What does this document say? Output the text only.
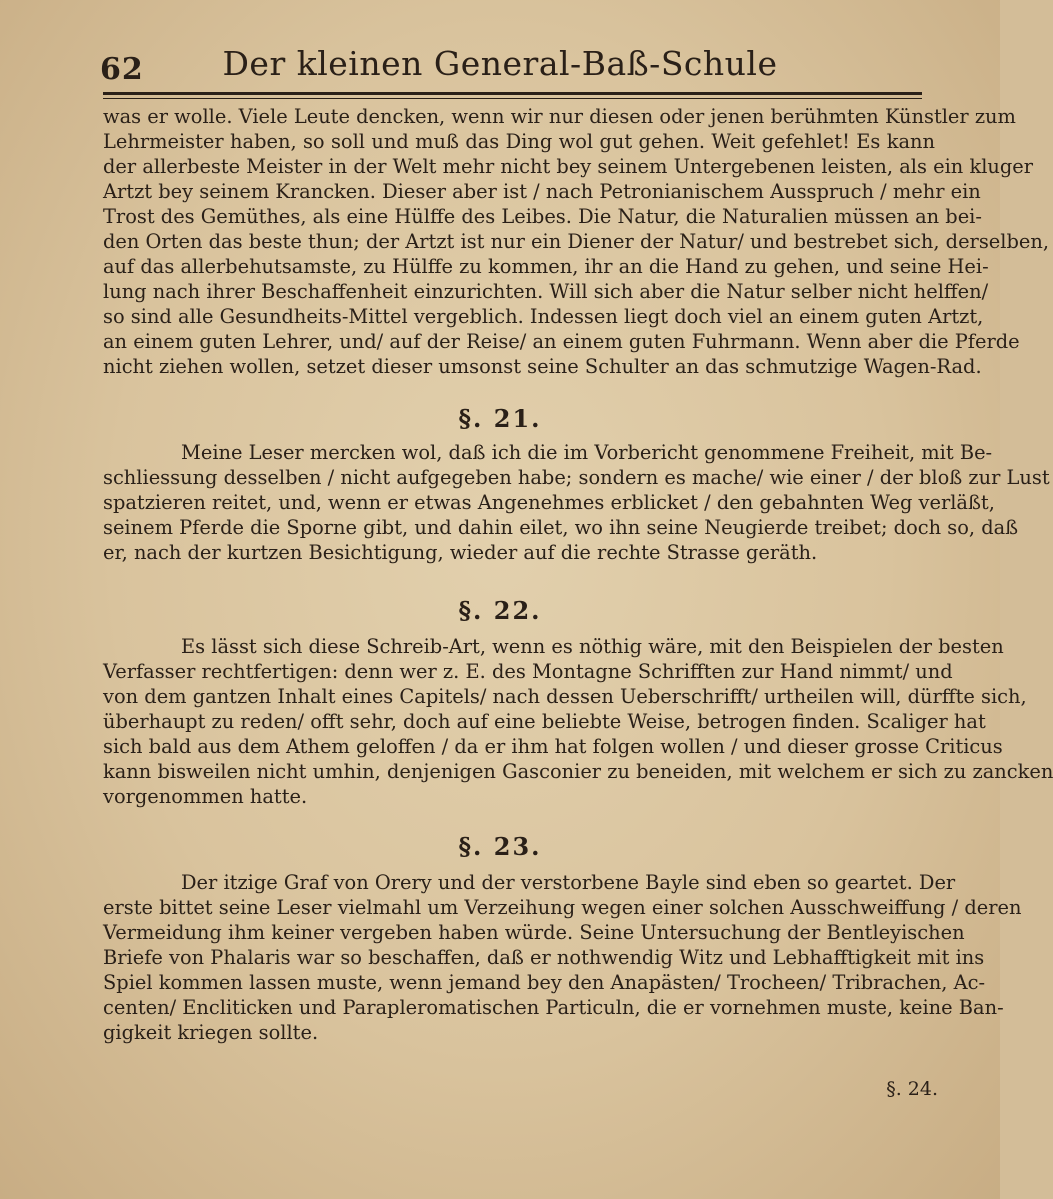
62	Der kleinen General-Baß-Schule
was er wolle. Viele Leute dencken, wenn wir nur diesen oder jenen berühmten Künstler zum
Lehrmeister haben, so soll und muß das Ding wol gut gehen. Weit gefehlet! Es kann
der allerbeste Meister in der Welt mehr nicht bey seinem Untergebenen leisten, als ein kluger
Artzt bey seinem Krancken. Dieser aber ist / nach Petronianischem Ausspruch / mehr ein
Trost des Gemüthes, als eine Hülffe des Leibes. Die Natur, die Naturalien müssen an bei-
den Orten das beste thun; der Artzt ist nur ein Diener der Natur/ und bestrebet sich, derselben,
auf das allerbehutsamste, zu Hülffe zu kommen, ihr an die Hand zu gehen, und seine Hei-
lung nach ihrer Beschaffenheit einzurichten. Will sich aber die Natur selber nicht helffen/
so sind alle Gesundheits-Mittel vergeblich. Indessen liegt doch viel an einem guten Artzt,
an einem guten Lehrer, und/ auf der Reise/ an einem guten Fuhrmann. Wenn aber die Pferde
nicht ziehen wollen, setzet dieser umsonst seine Schulter an das schmutzige Wagen-Rad.
§. 21.
Meine Leser mercken wol, daß ich die im Vorbericht genommene Freiheit, mit Be-
schliessung desselben / nicht aufgegeben habe; sondern es mache/ wie einer / der bloß zur Lust
spatzieren reitet, und, wenn er etwas Angenehmes erblicket / den gebahnten Weg verläßt,
seinem Pferde die Sporne gibt, und dahin eilet, wo ihn seine Neugierde treibet; doch so, daß
er, nach der kurtzen Besichtigung, wieder auf die rechte Strasse geräth.
§. 22.
Es lässt sich diese Schreib-Art, wenn es nöthig wäre, mit den Beispielen der besten
Verfasser rechtfertigen: denn wer z. E. des Montagne Schrifften zur Hand nimmt/ und
von dem gantzen Inhalt eines Capitels/ nach dessen Ueberschrifft/ urtheilen will, dürffte sich,
überhaupt zu reden/ offt sehr, doch auf eine beliebte Weise, betrogen finden. Scaliger hat
sich bald aus dem Athem geloffen / da er ihm hat folgen wollen / und dieser grosse Criticus
kann bisweilen nicht umhin, denjenigen Gasconier zu beneiden, mit welchem er sich zu zancken
vorgenommen hatte.
§. 23.
Der itzige Graf von Orery und der verstorbene Bayle sind eben so geartet. Der
erste bittet seine Leser vielmahl um Verzeihung wegen einer solchen Ausschweiffung / deren
Vermeidung ihm keiner vergeben haben würde. Seine Untersuchung der Bentleyischen
Briefe von Phalaris war so beschaffen, daß er nothwendig Witz und Lebhafftigkeit mit ins
Spiel kommen lassen muste, wenn jemand bey den Anapästen/ Trocheen/ Tribrachen, Ac-
centen/ Encliticken und Parapleromatischen Particuln, die er vornehmen muste, keine Ban-
gigkeit kriegen sollte.
§. 24.
